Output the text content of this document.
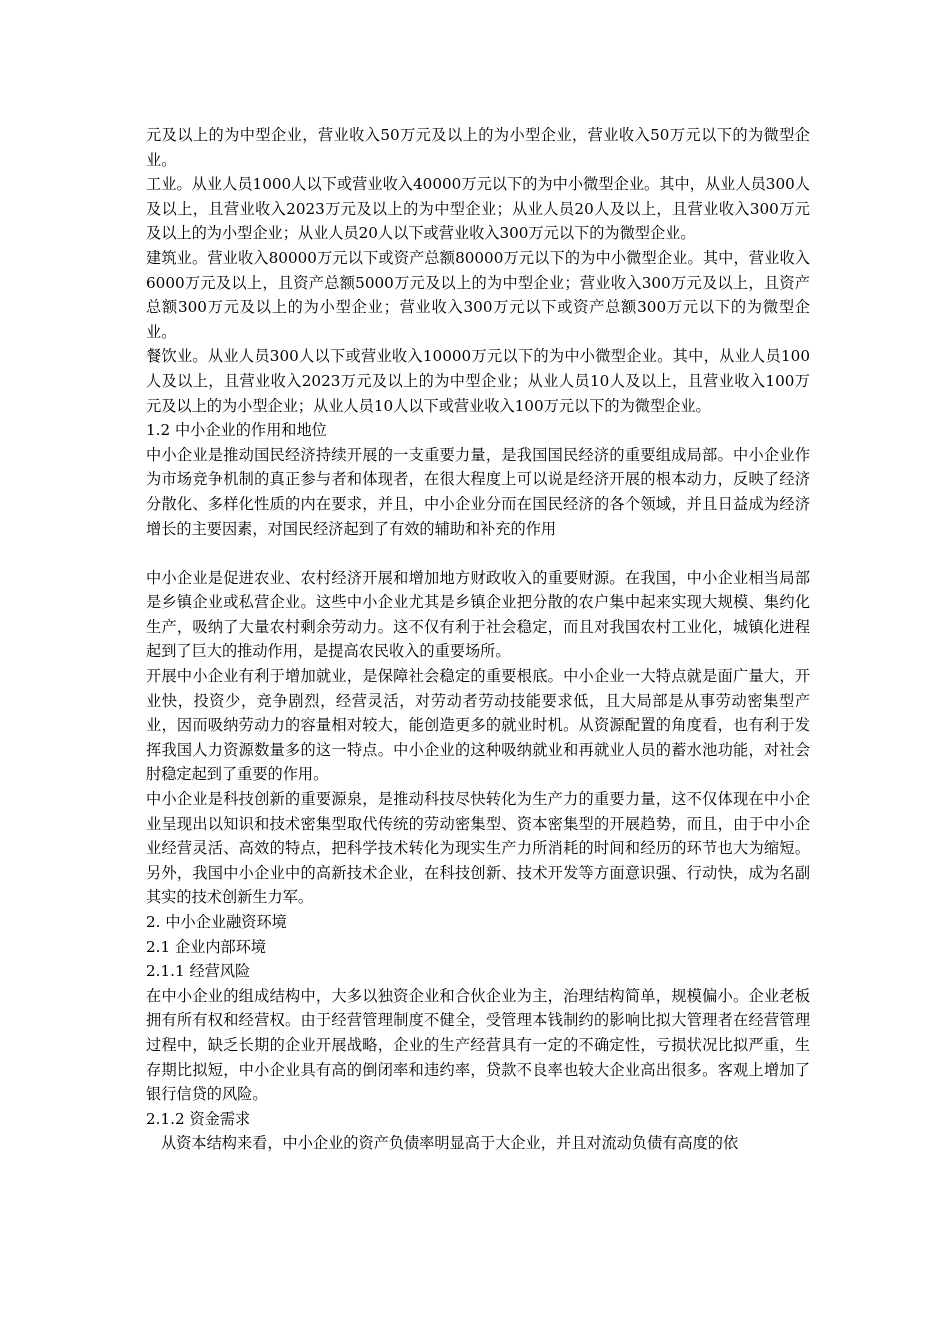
元及以上的为中型企业，营业收入50万元及以上的为小型企业，营业收入50万元以下的为微型企业。

工业。从业人员1000人以下或营业收入40000万元以下的为中小微型企业。其中，从业人员300人及以上，且营业收入2023万元及以上的为中型企业；从业人员20人及以上，且营业收入300万元及以上的为小型企业；从业人员20人以下或营业收入300万元以下的为微型企业。

建筑业。营业收入80000万元以下或资产总额80000万元以下的为中小微型企业。其中，营业收入6000万元及以上，且资产总额5000万元及以上的为中型企业；营业收入300万元及以上，且资产总额300万元及以上的为小型企业；营业收入300万元以下或资产总额300万元以下的为微型企业。

餐饮业。从业人员300人以下或营业收入10000万元以下的为中小微型企业。其中，从业人员100人及以上，且营业收入2023万元及以上的为中型企业；从业人员10人及以上，且营业收入100万元及以上的为小型企业；从业人员10人以下或营业收入100万元以下的为微型企业。

1.2 中小企业的作用和地位

中小企业是推动国民经济持续开展的一支重要力量，是我国国民经济的重要组成局部。中小企业作为市场竞争机制的真正参与者和体现者，在很大程度上可以说是经济开展的根本动力，反映了经济分散化、多样化性质的内在要求，并且，中小企业分而在国民经济的各个领域，并且日益成为经济增长的主要因素，对国民经济起到了有效的辅助和补充的作用

中小企业是促进农业、农村经济开展和增加地方财政收入的重要财源。在我国，中小企业相当局部是乡镇企业或私营企业。这些中小企业尤其是乡镇企业把分散的农户集中起来实现大规模、集约化生产，吸纳了大量农村剩余劳动力。这不仅有利于社会稳定，而且对我国农村工业化，城镇化进程起到了巨大的推动作用，是提高农民收入的重要场所。

开展中小企业有利于增加就业，是保障社会稳定的重要根底。中小企业一大特点就是面广量大，开业快，投资少，竞争剧烈，经营灵活，对劳动者劳动技能要求低，且大局部是从事劳动密集型产业，因而吸纳劳动力的容量相对较大，能创造更多的就业时机。从资源配置的角度看，也有利于发挥我国人力资源数量多的这一特点。中小企业的这种吸纳就业和再就业人员的蓄水池功能，对社会肘稳定起到了重要的作用。

中小企业是科技创新的重要源泉，是推动科技尽快转化为生产力的重要力量，这不仅体现在中小企业呈现出以知识和技术密集型取代传统的劳动密集型、资本密集型的开展趋势，而且，由于中小企业经营灵活、高效的特点，把科学技术转化为现实生产力所消耗的时间和经历的环节也大为缩短。另外，我国中小企业中的高新技术企业，在科技创新、技术开发等方面意识强、行动快，成为名副其实的技术创新生力军。

2. 中小企业融资环境

2.1 企业内部环境

2.1.1 经营风险

在中小企业的组成结构中，大多以独资企业和合伙企业为主，治理结构简单，规模偏小。企业老板拥有所有权和经营权。由于经营管理制度不健全，受管理本钱制约的影响比拟大管理者在经营管理过程中，缺乏长期的企业开展战略，企业的生产经营具有一定的不确定性，亏损状况比拟严重，生存期比拟短，中小企业具有高的倒闭率和违约率，贷款不良率也较大企业高出很多。客观上增加了银行信贷的风险。

2.1.2 资金需求

从资本结构来看，中小企业的资产负债率明显高于大企业，并且对流动负债有高度的依
